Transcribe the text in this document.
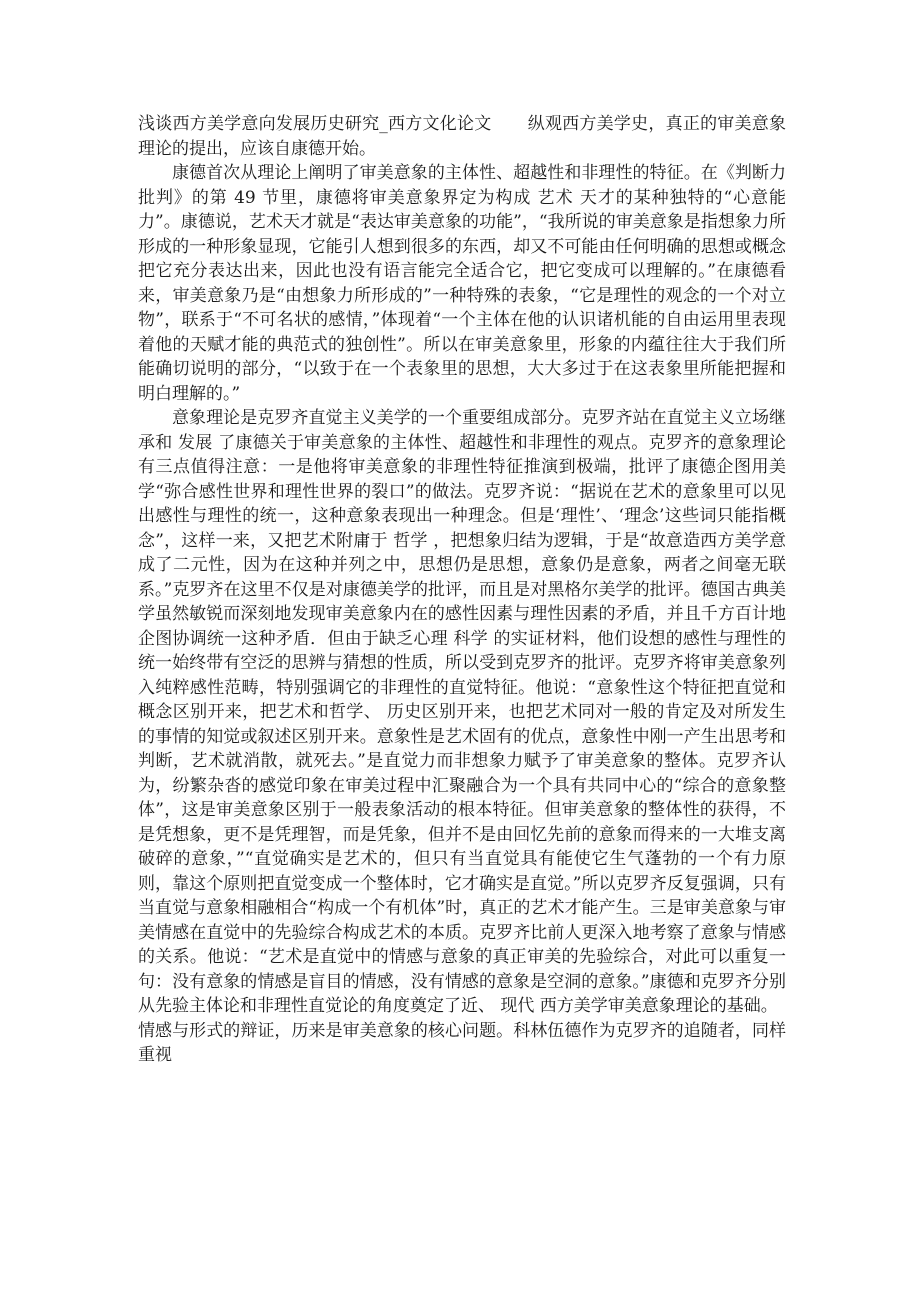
浅谈西方美学意向发展历史研究_西方文化论文 纵观西方美学史，真正的审美意象理论的提出，应该自康德开始。

康德首次从理论上阐明了审美意象的主体性、超越性和非理性的特征。在《判断力批判》的第 49 节里，康德将审美意象界定为构成 艺术 天才的某种独特的“心意能力”。康德说，艺术天才就是“表达审美意象的功能”，“我所说的审美意象是指想象力所形成的一种形象显现，它能引人想到很多的东西，却又不可能由任何明确的思想或概念把它充分表达出来，因此也没有语言能完全适合它，把它变成可以理解的。”在康德看来，审美意象乃是“由想象力所形成的”一种特殊的表象，“它是理性的观念的一个对立物”，联系于“不可名状的感情，”体现着“一个主体在他的认识诸机能的自由运用里表现着他的天赋才能的典范式的独创性”。所以在审美意象里，形象的内蕴往往大于我们所能确切说明的部分，“以致于在一个表象里的思想，大大多过于在这表象里所能把握和明白理解的。”

意象理论是克罗齐直觉主义美学的一个重要组成部分。克罗齐站在直觉主义立场继承和 发展 了康德关于审美意象的主体性、超越性和非理性的观点。克罗齐的意象理论有三点值得注意：一是他将审美意象的非理性特征推演到极端，批评了康德企图用美学“弥合感性世界和理性世界的裂口”的做法。克罗齐说：“据说在艺术的意象里可以见出感性与理性的统一，这种意象表现出一种理念。但是‘理性’、‘理念’这些词只能指概念”，这样一来，又把艺术附庸于 哲学 ，把想象归结为逻辑，于是“故意造西方美学意成了二元性，因为在这种并列之中，思想仍是思想，意象仍是意象，两者之间毫无联系。”克罗齐在这里不仅是对康德美学的批评，而且是对黑格尔美学的批评。德国古典美学虽然敏锐而深刻地发现审美意象内在的感性因素与理性因素的矛盾，并且千方百计地企图协调统一这种矛盾．但由于缺乏心理 科学 的实证材料，他们设想的感性与理性的统一始终带有空泛的思辨与猜想的性质，所以受到克罗齐的批评。克罗齐将审美意象列入纯粹感性范畴，特别强调它的非理性的直觉特征。他说：“意象性这个特征把直觉和概念区别开来，把艺术和哲学、 历史区别开来，也把艺术同对一般的肯定及对所发生的事情的知觉或叙述区别开来。意象性是艺术固有的优点，意象性中刚一产生出思考和判断，艺术就消散，就死去。”是直觉力而非想象力赋予了审美意象的整体。克罗齐认为，纷繁杂沓的感觉印象在审美过程中汇聚融合为一个具有共同中心的“综合的意象整体”，这是审美意象区别于一般表象活动的根本特征。但审美意象的整体性的获得，不是凭想象，更不是凭理智，而是凭象，但并不是由回忆先前的意象而得来的一大堆支离破碎的意象，”“直觉确实是艺术的，但只有当直觉具有能使它生气蓬勃的一个有力原则，靠这个原则把直觉变成一个整体时，它才确实是直觉。”所以克罗齐反复强调，只有当直觉与意象相融相合“构成一个有机体”时，真正的艺术才能产生。三是审美意象与审美情感在直觉中的先验综合构成艺术的本质。克罗齐比前人更深入地考察了意象与情感的关系。他说：“艺术是直觉中的情感与意象的真正审美的先验综合，对此可以重复一句：没有意象的情感是盲目的情感，没有情感的意象是空洞的意象。”康德和克罗齐分别从先验主体论和非理性直觉论的角度奠定了近、 现代 西方美学审美意象理论的基础。

情感与形式的辩证，历来是审美意象的核心问题。科林伍德作为克罗齐的追随者，同样重视
